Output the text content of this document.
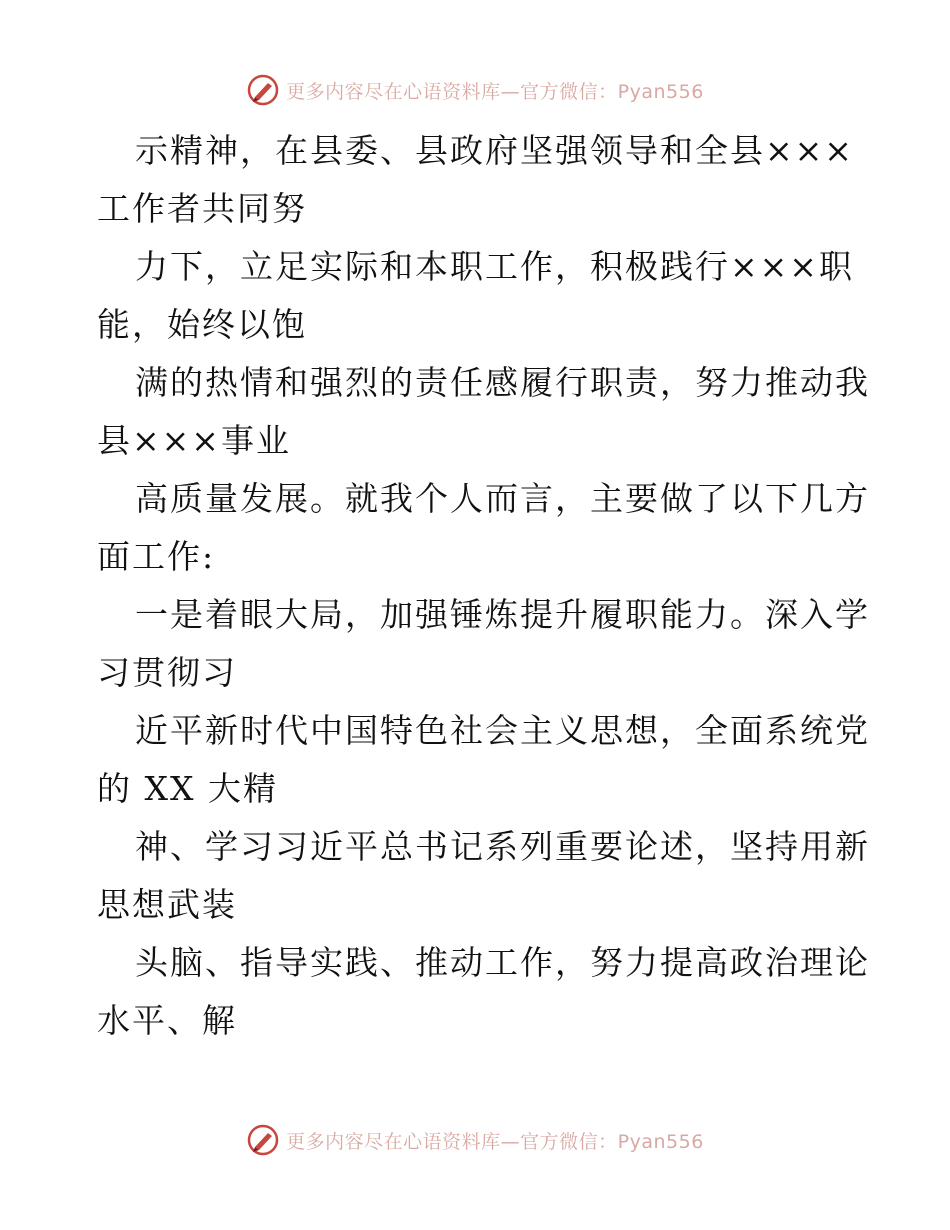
更多内容尽在心语资料库—官方微信：Pyan556
示精神，在县委、县政府坚强领导和全县×××
工作者共同努
力下，立足实际和本职工作，积极践行×××职
能，始终以饱
满的热情和强烈的责任感履行职责，努力推动我
县×××事业
高质量发展。就我个人而言，主要做了以下几方
面工作:
一是着眼大局，加强锤炼提升履职能力。深入学
习贯彻习
近平新时代中国特色社会主义思想，全面系统党
的 XX 大精
神、学习习近平总书记系列重要论述，坚持用新
思想武装
头脑、指导实践、推动工作，努力提高政治理论
水平、解
更多内容尽在心语资料库—官方微信：Pyan556
